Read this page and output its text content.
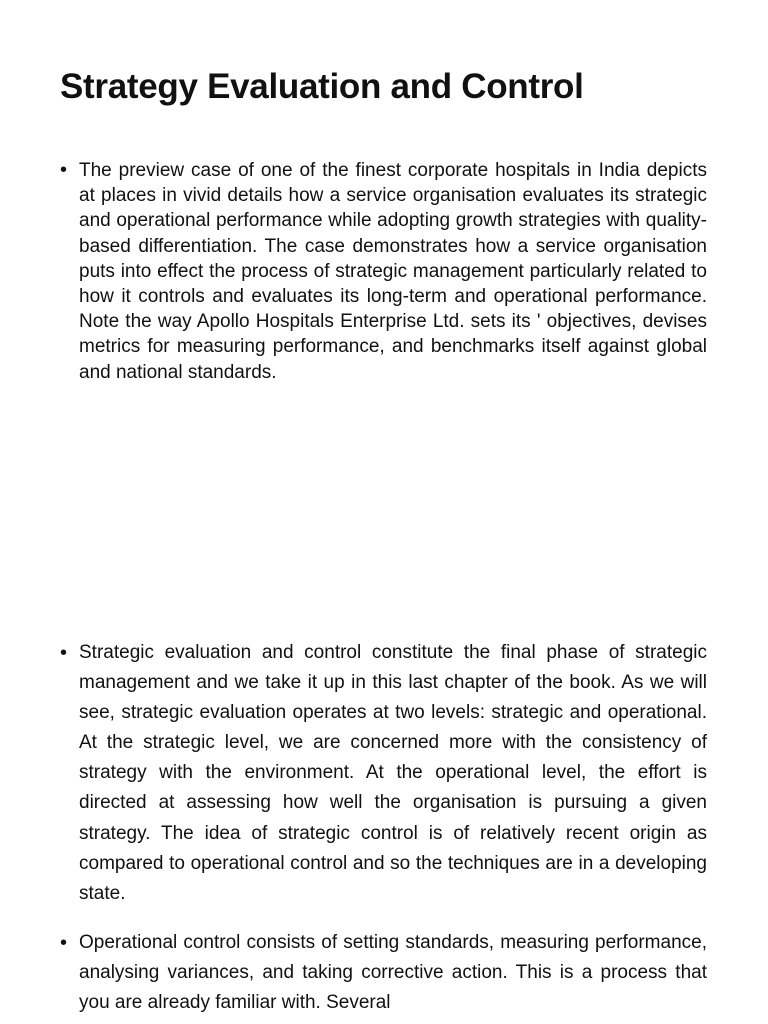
Strategy Evaluation and Control
• The preview case of one of the finest corporate hospitals in India depicts at places in vivid details how a service organisation evaluates its strategic and operational performance while adopting growth strategies with quality-based differentiation. The case demonstrates how a service organisation puts into effect the process of strategic management particularly related to how it controls and evaluates its long-term and operational performance. Note the way Apollo Hospitals Enterprise Ltd. sets its ' objectives, devises metrics for measuring performance, and benchmarks itself against global and national standards.
• Strategic evaluation and control constitute the final phase of strategic management and we take it up in this last chapter of the book. As we will see, strategic evaluation operates at two levels: strategic and operational. At the strategic level, we are concerned more with the consistency of strategy with the environment. At the operational level, the effort is directed at assessing how well the organisation is pursuing a given strategy. The idea of strategic control is of relatively recent origin as compared to operational control and so the techniques are in a developing state.
• Operational control consists of setting standards, measuring performance, analysing variances, and taking corrective action. This is a process that you are already familiar with. Several
